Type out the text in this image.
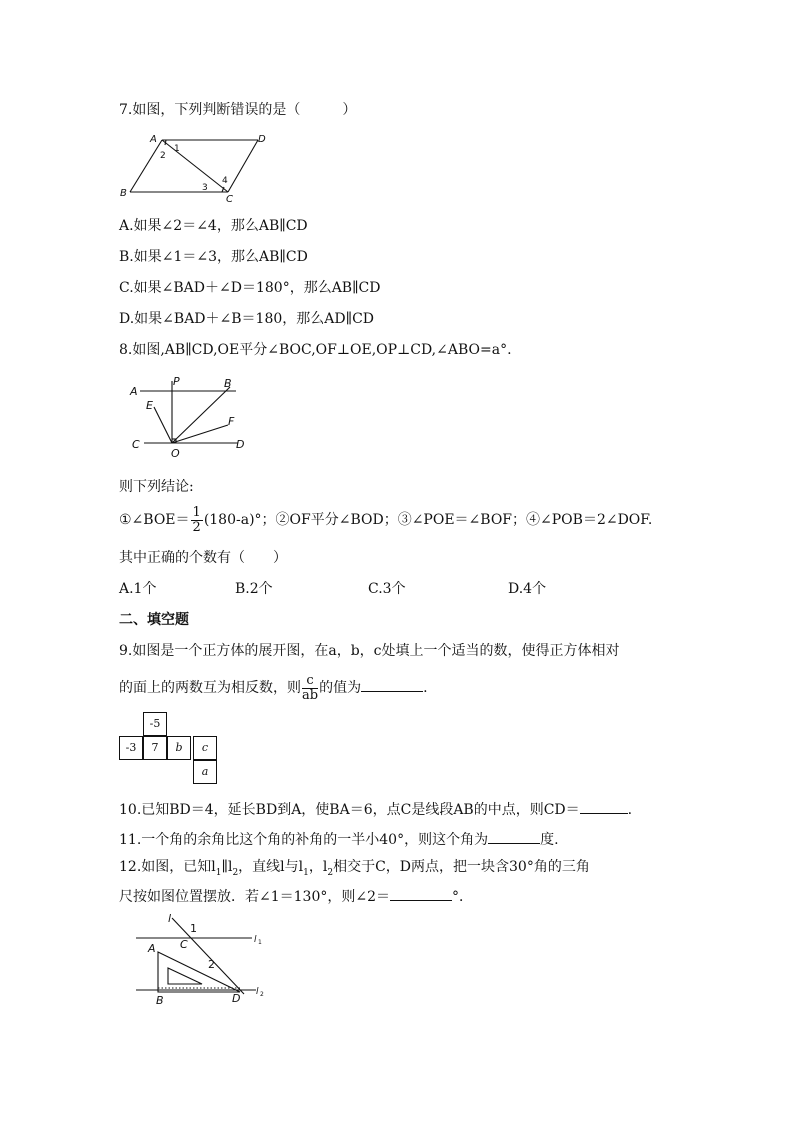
7.如图，下列判断错误的是（　　　）
A	D
B
C
1
2
3
4
A.如果∠2＝∠4，那么AB∥CD
B.如果∠1＝∠3，那么AB∥CD
C.如果∠BAD＋∠D＝180°，那么AB∥CD
D.如果∠BAD＋∠B＝180，那么AD∥CD
8.如图,AB∥CD,OE平分∠BOC,OF⊥OE,OP⊥CD,∠ABO=a°.
A
P	B
E
F
C
O
D
则下列结论:
①∠BOE＝ $\frac{1}{2} (180-a)^\circ$；②OF平分∠BOD；③∠POE＝∠BOF；④∠POB＝2∠DOF.
其中正确的个数有（　　）
A.1个	B.2个	C.3个	D.4个
二、填空题
9.如图是一个正方体的展开图，在a，b，c处填上一个适当的数，使得正方体相对
的面上的两数互为相反数，则 $\frac{c}{ab}$ 的值为	.
-5
-3	7	b	c
a
10.已知BD＝4，延长BD到A，使BA＝6，点C是线段AB的中点，则CD＝	.
11.一个角的余角比这个角的补角的一半小40°，则这个角为	度.
12.如图，已知$l_1\parallel l_2$，直线l与$l_1$，$l_2$相交于C，D两点，把一块含30°角的三角
尺按如图位置摆放．若∠1＝130°，则∠2＝	°．
l
A C
B	D
1
2
l 1
l 2
